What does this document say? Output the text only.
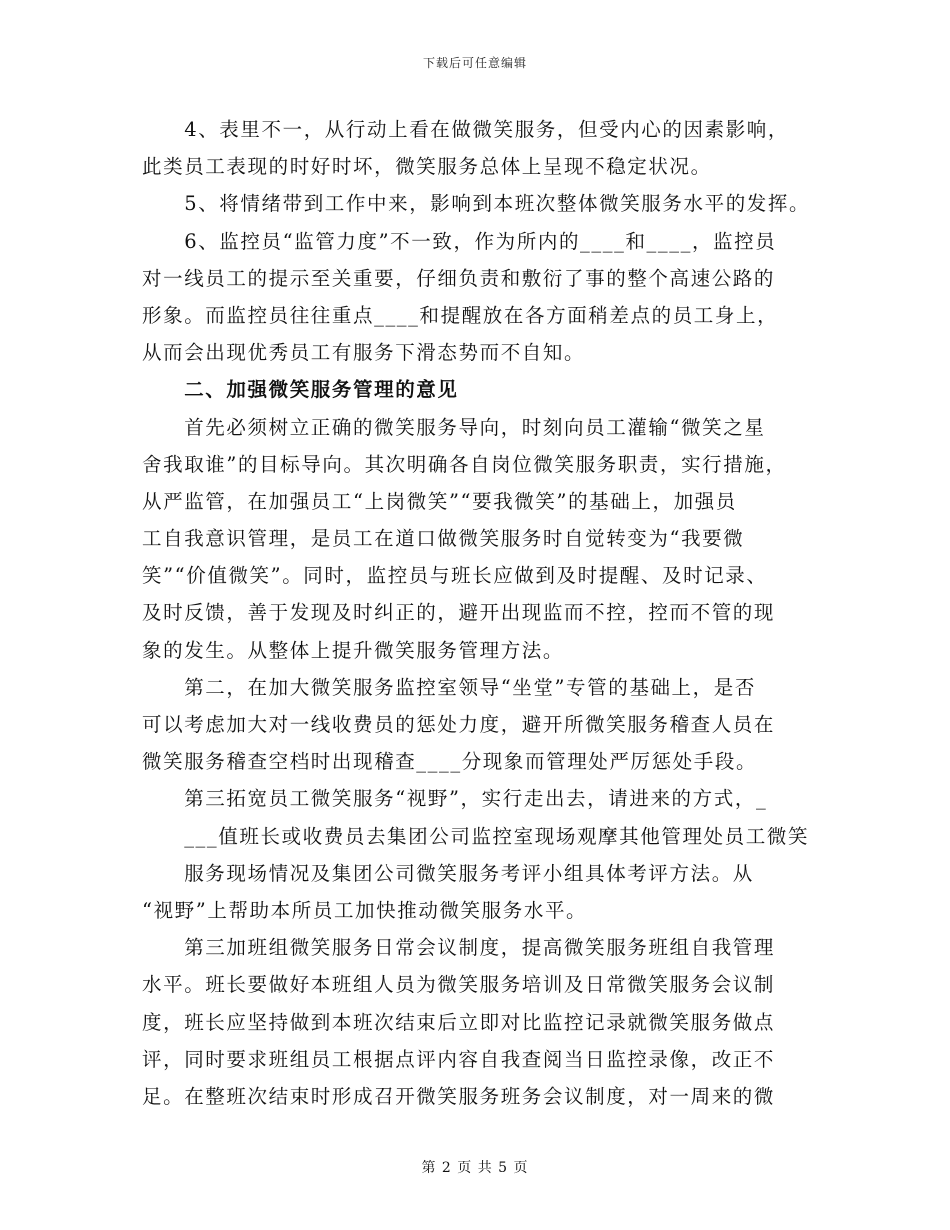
下载后可任意编辑
　　4、表里不一，从行动上看在做微笑服务，但受内心的因素影响，
此类员工表现的时好时坏，微笑服务总体上呈现不稳定状况。
　　5、将情绪带到工作中来，影响到本班次整体微笑服务水平的发挥。
　　6、监控员“监管力度”不一致，作为所内的____和____，监控员
对一线员工的提示至关重要，仔细负责和敷衍了事的整个高速公路的
形象。而监控员往往重点____和提醒放在各方面稍差点的员工身上，
从而会出现优秀员工有服务下滑态势而不自知。
　　二、加强微笑服务管理的意见
　　首先必须树立正确的微笑服务导向，时刻向员工灌输“微笑之星
舍我取谁”的目标导向。其次明确各自岗位微笑服务职责，实行措施，
从严监管，在加强员工“上岗微笑”“要我微笑”的基础上，加强员
工自我意识管理，是员工在道口做微笑服务时自觉转变为“我要微
笑”“价值微笑”。同时，监控员与班长应做到及时提醒、及时记录、
及时反馈，善于发现及时纠正的，避开出现监而不控，控而不管的现
象的发生。从整体上提升微笑服务管理方法。
　　第二，在加大微笑服务监控室领导“坐堂”专管的基础上，是否
可以考虑加大对一线收费员的惩处力度，避开所微笑服务稽查人员在
微笑服务稽查空档时出现稽查____分现象而管理处严厉惩处手段。
　　第三拓宽员工微笑服务“视野”，实行走出去，请进来的方式，_
　　___值班长或收费员去集团公司监控室现场观摩其他管理处员工微笑
　　服务现场情况及集团公司微笑服务考评小组具体考评方法。从
“视野”上帮助本所员工加快推动微笑服务水平。
　　第三加班组微笑服务日常会议制度，提高微笑服务班组自我管理
水平。班长要做好本班组人员为微笑服务培训及日常微笑服务会议制
度，班长应坚持做到本班次结束后立即对比监控记录就微笑服务做点
评，同时要求班组员工根据点评内容自我查阅当日监控录像，改正不
足。在整班次结束时形成召开微笑服务班务会议制度，对一周来的微
第 2 页 共 5 页
